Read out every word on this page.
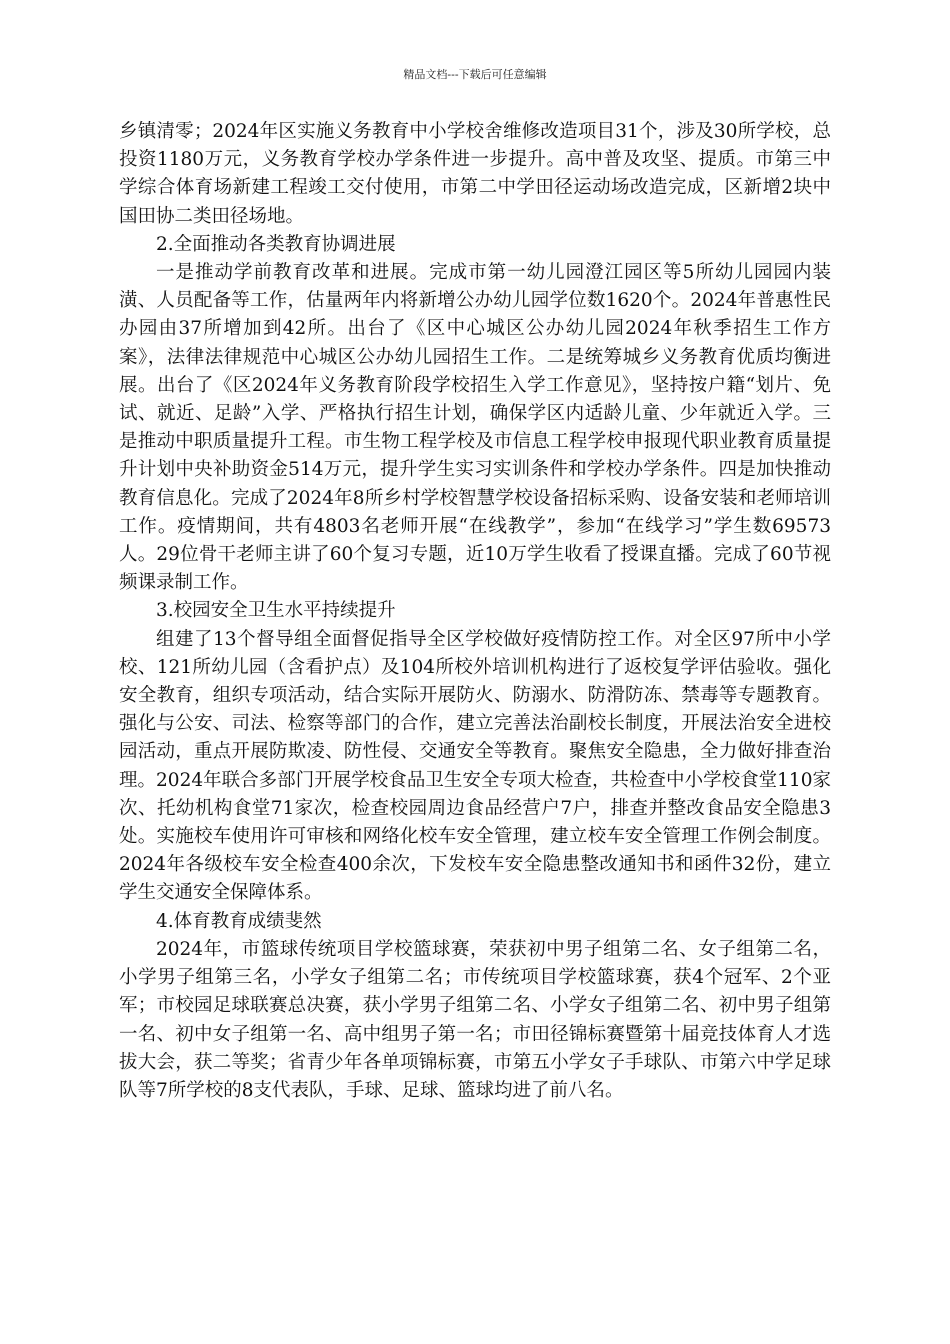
精品文档---下载后可任意编辑

乡镇清零；2024年区实施义务教育中小学校舍维修改造项目31个，涉及30所学校，总投资1180万元，义务教育学校办学条件进一步提升。高中普及攻坚、提质。市第三中学综合体育场新建工程竣工交付使用，市第二中学田径运动场改造完成，区新增2块中国田协二类田径场地。

2.全面推动各类教育协调进展

一是推动学前教育改革和进展。完成市第一幼儿园澄江园区等5所幼儿园园内装潢、人员配备等工作，估量两年内将新增公办幼儿园学位数1620个。2024年普惠性民办园由37所增加到42所。出台了《区中心城区公办幼儿园2024年秋季招生工作方案》，法律法律规范中心城区公办幼儿园招生工作。二是统筹城乡义务教育优质均衡进展。出台了《区2024年义务教育阶段学校招生入学工作意见》，坚持按户籍“划片、免试、就近、足龄”入学、严格执行招生计划，确保学区内适龄儿童、少年就近入学。三是推动中职质量提升工程。市生物工程学校及市信息工程学校申报现代职业教育质量提升计划中央补助资金514万元，提升学生实习实训条件和学校办学条件。四是加快推动教育信息化。完成了2024年8所乡村学校智慧学校设备招标采购、设备安装和老师培训工作。疫情期间，共有4803名老师开展“在线教学”，参加“在线学习”学生数69573人。29位骨干老师主讲了60个复习专题，近10万学生收看了授课直播。完成了60节视频课录制工作。

3.校园安全卫生水平持续提升

组建了13个督导组全面督促指导全区学校做好疫情防控工作。对全区97所中小学校、121所幼儿园（含看护点）及104所校外培训机构进行了返校复学评估验收。强化安全教育，组织专项活动，结合实际开展防火、防溺水、防滑防冻、禁毒等专题教育。强化与公安、司法、检察等部门的合作，建立完善法治副校长制度，开展法治安全进校园活动，重点开展防欺凌、防性侵、交通安全等教育。聚焦安全隐患，全力做好排查治理。2024年联合多部门开展学校食品卫生安全专项大检查，共检查中小学校食堂110家次、托幼机构食堂71家次，检查校园周边食品经营户7户，排查并整改食品安全隐患3处。实施校车使用许可审核和网络化校车安全管理，建立校车安全管理工作例会制度。2024年各级校车安全检查400余次，下发校车安全隐患整改通知书和函件32份，建立学生交通安全保障体系。

4.体育教育成绩斐然

2024年，市篮球传统项目学校篮球赛，荣获初中男子组第二名、女子组第二名，小学男子组第三名，小学女子组第二名；市传统项目学校篮球赛，获4个冠军、2个亚军；市校园足球联赛总决赛，获小学男子组第二名、小学女子组第二名、初中男子组第一名、初中女子组第一名、高中组男子第一名；市田径锦标赛暨第十届竞技体育人才选拔大会，获二等奖；省青少年各单项锦标赛，市第五小学女子手球队、市第六中学足球队等7所学校的8支代表队，手球、足球、篮球均进了前八名。
